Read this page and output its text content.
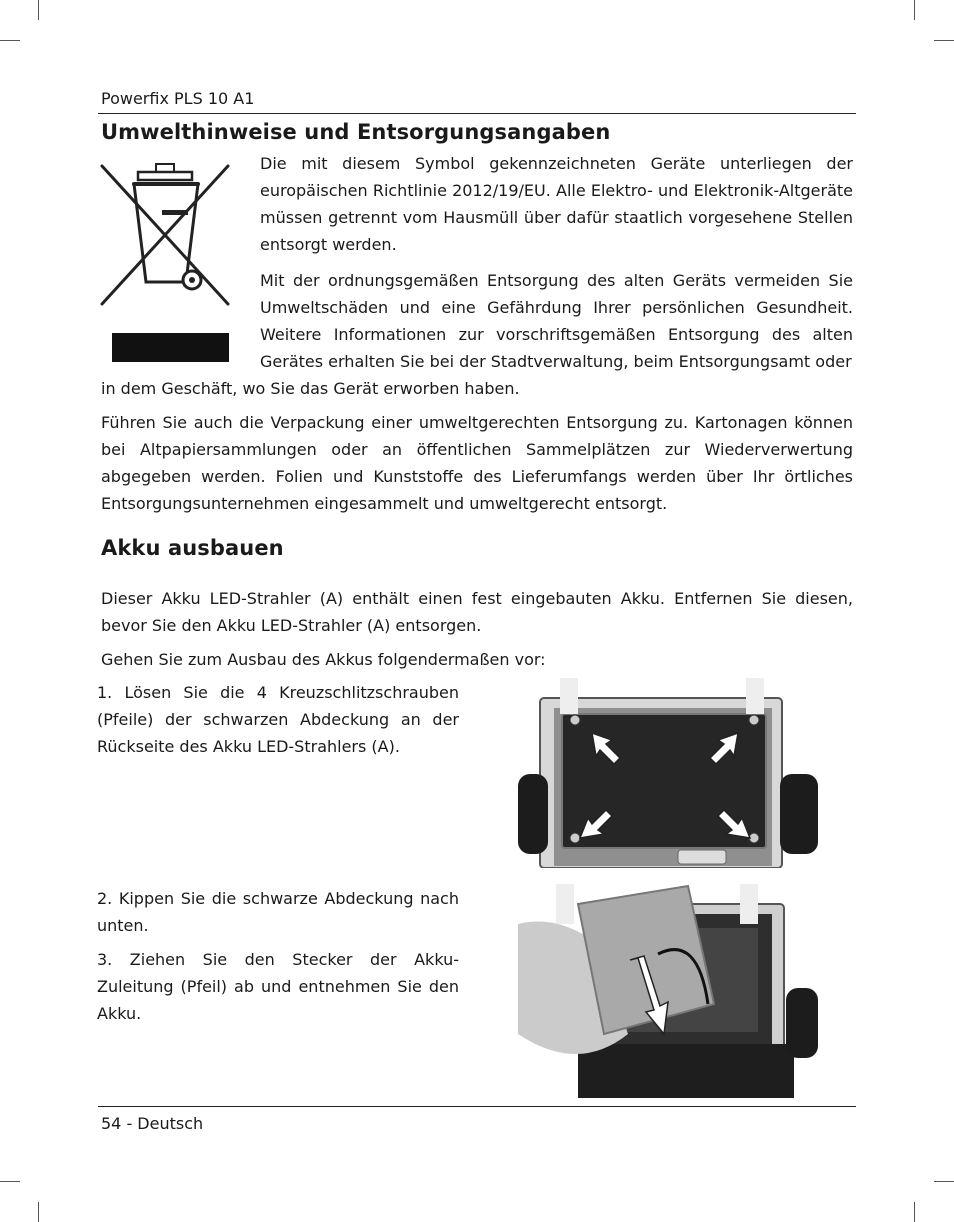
Powerfix PLS 10 A1
Umwelthinweise und Entsorgungsangaben

Die mit diesem Symbol gekennzeichneten Geräte unterliegen der europäischen Richtlinie 2012/19/EU. Alle Elektro- und Elektronik-Altgeräte müssen getrennt vom Hausmüll über dafür staatlich vorgesehene Stellen entsorgt werden.

Mit der ordnungsgemäßen Entsorgung des alten Geräts vermeiden Sie Umweltschäden und eine Gefährdung Ihrer persönlichen Gesundheit. Weitere Informationen zur vorschriftsgemäßen Entsorgung des alten Gerätes erhalten Sie bei der Stadtverwaltung, beim Entsorgungsamt oder

in dem Geschäft, wo Sie das Gerät erworben haben.

Führen Sie auch die Verpackung einer umweltgerechten Entsorgung zu. Kartonagen können bei Altpapiersammlungen oder an öffentlichen Sammelplätzen zur Wiederverwertung abgegeben werden. Folien und Kunststoffe des Lieferumfangs werden über Ihr örtliches Entsorgungsunternehmen eingesammelt und umweltgerecht entsorgt.

Akku ausbauen

Dieser Akku LED-Strahler (A) enthält einen fest eingebauten Akku. Entfernen Sie diesen, bevor Sie den Akku LED-Strahler (A) entsorgen.

Gehen Sie zum Ausbau des Akkus folgendermaßen vor:

1. Lösen Sie die 4 Kreuzschlitzschrauben (Pfeile) der schwarzen Abdeckung an der Rückseite des Akku LED-Strahlers (A).

2. Kippen Sie die schwarze Abdeckung nach unten.

3. Ziehen Sie den Stecker der Akku-Zuleitung (Pfeil) ab und entnehmen Sie den Akku.

54 - Deutsch
